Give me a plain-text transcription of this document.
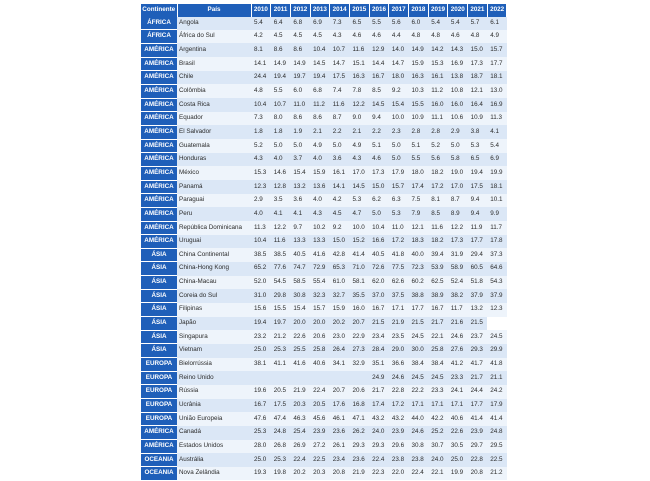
Continente	País	2010	2011	2012	2013	2014	2015	2016	2017	2018	2019	2020	2021	2022
ÁFRICA	Angola	5.4	6.4	6.8	6.9	7.3	6.5	5.5	5.6	6.0	5.4	5.4	5.7	6.1
ÁFRICA	África do Sul	4.2	4.5	4.5	4.5	4.3	4.6	4.6	4.4	4.8	4.8	4.6	4.8	4.9
AMÉRICA	Argentina	8.1	8.6	8.6	10.4	10.7	11.6	12.9	14.0	14.9	14.2	14.3	15.0	15.7
AMÉRICA	Brasil	14.1	14.9	14.9	14.5	14.7	15.1	14.4	14.7	15.9	15.3	16.9	17.3	17.7
AMÉRICA	Chile	24.4	19.4	19.7	19.4	17.5	16.3	16.7	18.0	16.3	16.1	13.8	18.7	18.1
AMÉRICA	Colômbia	4.8	5.5	6.0	6.8	7.4	7.8	8.5	9.2	10.3	11.2	10.8	12.1	13.0
AMÉRICA	Costa Rica	10.4	10.7	11.0	11.2	11.6	12.2	14.5	15.4	15.5	16.0	16.0	16.4	16.9
AMÉRICA	Equador	7.3	8.0	8.6	8.6	8.7	9.0	9.4	10.0	10.9	11.1	10.6	10.9	11.3
AMÉRICA	El Salvador	1.8	1.8	1.9	2.1	2.2	2.1	2.2	2.3	2.8	2.8	2.9	3.8	4.1
AMÉRICA	Guatemala	5.2	5.0	5.0	4.9	5.0	4.9	5.1	5.0	5.1	5.2	5.0	5.3	5.4
AMÉRICA	Honduras	4.3	4.0	3.7	4.0	3.6	4.3	4.6	5.0	5.5	5.6	5.8	6.5	6.9
AMÉRICA	México	15.3	14.6	15.4	15.9	16.1	17.0	17.3	17.9	18.0	18.2	19.0	19.4	19.9
AMÉRICA	Panamá	12.3	12.8	13.2	13.6	14.1	14.5	15.0	15.7	17.4	17.2	17.0	17.5	18.1
AMÉRICA	Paraguai	2.9	3.5	3.6	4.0	4.2	5.3	6.2	6.3	7.5	8.1	8.7	9.4	10.1
AMÉRICA	Peru	4.0	4.1	4.1	4.3	4.5	4.7	5.0	5.3	7.9	8.5	8.9	9.4	9.9
AMÉRICA	República Dominicana	11.3	12.2	9.7	10.2	9.2	10.0	10.4	11.0	12.1	11.6	12.2	11.9	11.7
AMÉRICA	Uruguai	10.4	11.6	13.3	13.3	15.0	15.2	16.6	17.2	18.3	18.2	17.3	17.7	17.8
ÁSIA	China Continental	38.5	38.5	40.5	41.6	42.8	41.4	40.5	41.8	40.0	39.4	31.9	29.4	37.3
ÁSIA	China-Hong Kong	65.2	77.6	74.7	72.9	65.3	71.0	72.6	77.5	72.3	53.9	58.9	60.5	64.6
ÁSIA	China-Macau	52.0	54.5	58.5	55.4	61.0	58.1	62.0	62.6	60.2	62.5	52.4	51.8	54.3
ÁSIA	Coreia do Sul	31.0	29.8	30.8	32.3	32.7	35.5	37.0	37.5	38.8	38.9	38.2	37.9	37.9
ÁSIA	Filipinas	15.6	15.5	15.4	15.7	15.9	16.0	16.7	17.1	17.7	16.7	11.7	13.2	12.3
ÁSIA	Japão	19.4	19.7	20.0	20.0	20.2	20.7	21.5	21.9	21.5	21.7	21.6	21.5	
ÁSIA	Singapura	23.2	21.2	22.6	20.6	23.0	22.9	23.4	23.5	24.5	22.1	24.6	23.7	24.5
ÁSIA	Vietnam	25.0	25.3	25.5	25.8	26.4	27.3	28.4	29.0	30.0	25.8	27.6	29.3	29.9
EUROPA	Bielorrússia	38.1	41.1	41.6	40.6	34.1	32.9	35.1	36.6	38.4	38.4	41.2	41.7	41.8
EUROPA	Reino Unido							24.9	24.6	24.5	24.5	23.3	21.7	21.1
EUROPA	Rússia	19.6	20.5	21.9	22.4	20.7	20.6	21.7	22.8	22.2	23.3	24.1	24.4	24.2
EUROPA	Ucrânia	16.7	17.5	20.3	20.5	17.6	16.8	17.4	17.2	17.1	17.1	17.1	17.7	17.9
EUROPA	União Europeia	47.6	47.4	46.3	45.6	46.1	47.1	43.2	43.2	44.0	42.2	40.6	41.4	41.4
AMÉRICA	Canadá	25.3	24.8	25.4	23.9	23.6	26.2	24.0	23.9	24.6	25.2	22.6	23.9	24.8
AMÉRICA	Estados Unidos	28.0	26.8	26.9	27.2	26.1	29.3	29.3	29.6	30.8	30.7	30.5	29.7	29.5
OCEANIA	Austrália	25.0	25.3	22.4	22.5	23.4	23.6	22.4	23.8	23.8	24.0	25.0	22.8	22.5
OCEANIA	Nova Zelândia	19.3	19.8	20.2	20.3	20.8	21.9	22.3	22.0	22.4	22.1	19.9	20.8	21.2
